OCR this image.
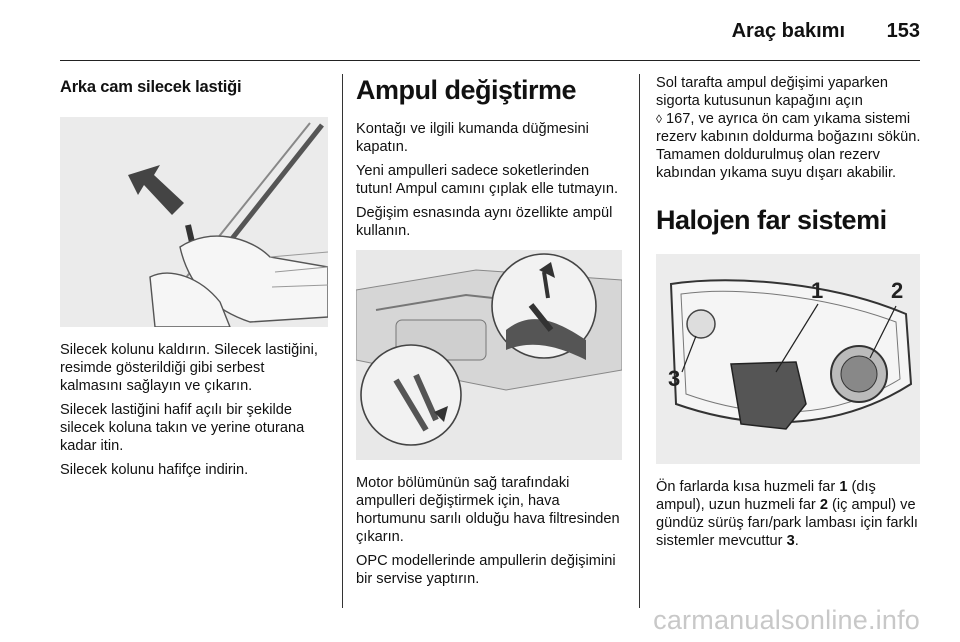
Araç bakımı 153
Arka cam silecek lastiği

Silecek kolunu kaldırın. Silecek lastiğini, resimde gösterildiği gibi serbest kalmasını sağlayın ve çıkarın.

Silecek lastiğini hafif açılı bir şekilde silecek koluna takın ve yerine oturana kadar itin.

Silecek kolunu hafifçe indirin.

Ampul değiştirme

Kontağı ve ilgili kumanda düğmesini kapatın.

Yeni ampulleri sadece soketlerinden tutun! Ampul camını çıplak elle tutmayın.

Değişim esnasında aynı özellikte ampül kullanın.

Motor bölümünün sağ tarafındaki ampulleri değiştirmek için, hava hortumunu sarılı olduğu hava filtresinden çıkarın.

OPC modellerinde ampullerin değişimini bir servise yaptırın.

Sol tarafta ampul değişimi yaparken sigorta kutusunun kapağını açın
◊ 167, ve ayrıca ön cam yıkama sistemi rezerv kabının doldurma boğazını sökün. Tamamen doldurulmuş olan rezerv kabından yıkama suyu dışarı akabilir.

Halojen far sistemi
1	2
3

Ön farlarda kısa huzmeli far 1 (dış ampul), uzun huzmeli far 2 (iç ampul) ve gündüz sürüş farı/park lambası için farklı sistemler mevcuttur 3.

carmanualsonline.info
